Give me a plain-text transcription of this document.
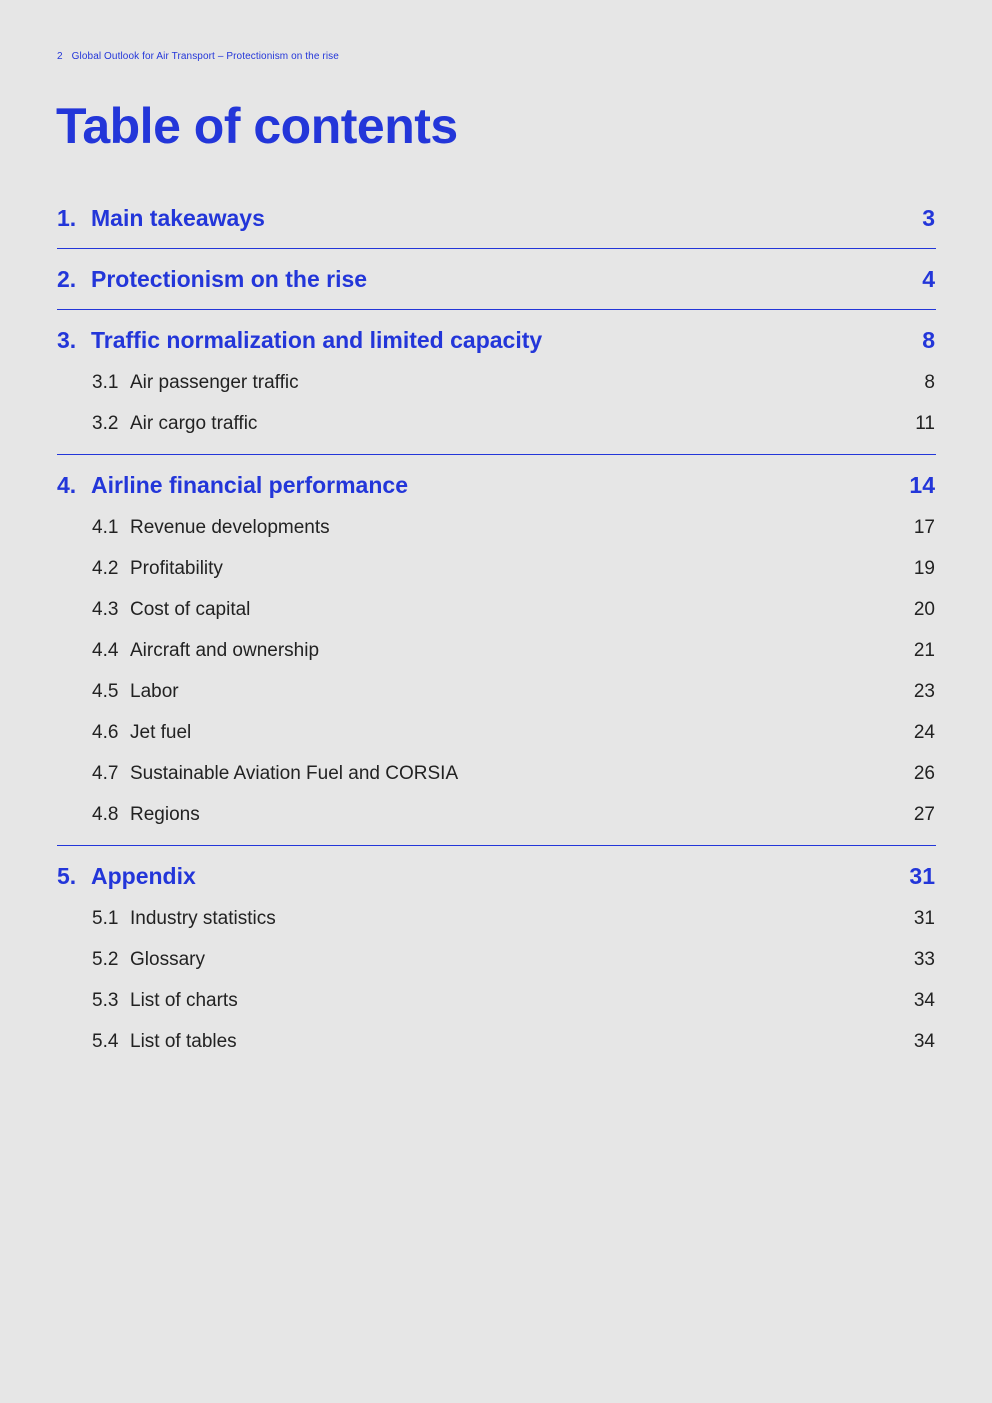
2 Global Outlook for Air Transport – Protectionism on the rise
Table of contents
1. Main takeaways	3
2. Protectionism on the rise	4
3. Traffic normalization and limited capacity	8
3.1 Air passenger traffic	8
3.2 Air cargo traffic	11
4. Airline financial performance	14
4.1 Revenue developments	17
4.2 Profitability	19
4.3 Cost of capital	20
4.4 Aircraft and ownership	21
4.5 Labor	23
4.6 Jet fuel	24
4.7 Sustainable Aviation Fuel and CORSIA	26
4.8 Regions	27
5. Appendix	31
5.1 Industry statistics	31
5.2 Glossary	33
5.3 List of charts	34
5.4 List of tables	34
